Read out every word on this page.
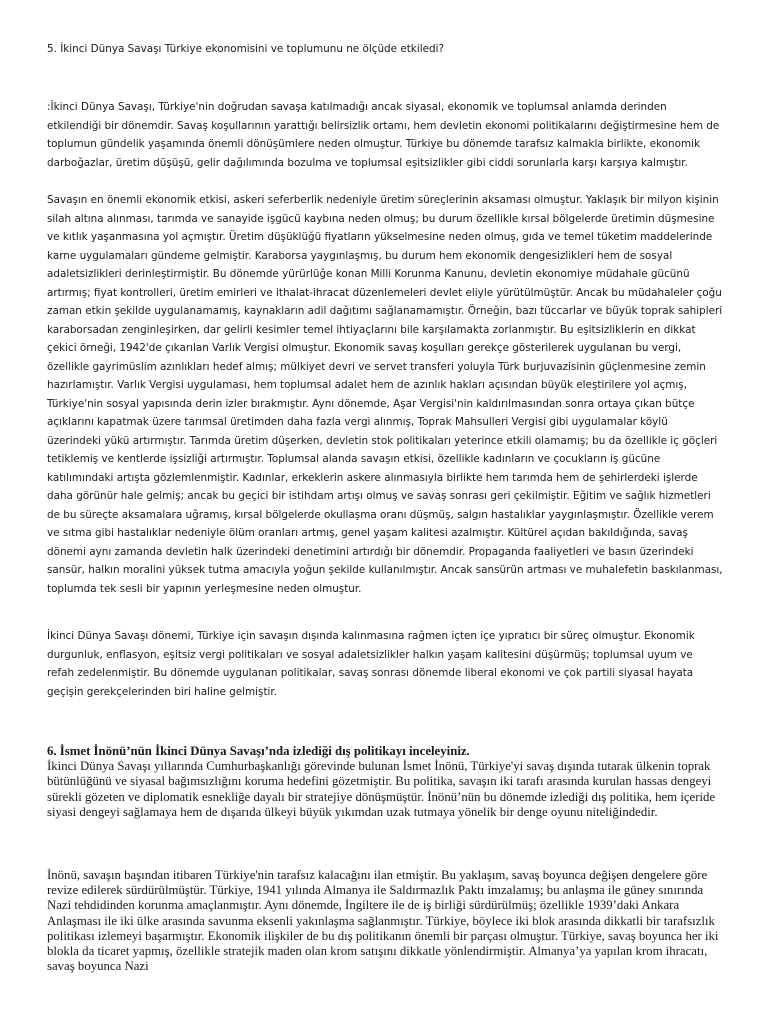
5. İkinci Dünya Savaşı Türkiye ekonomisini ve toplumunu ne ölçüde etkiledi?

:İkinci Dünya Savaşı, Türkiye'nin doğrudan savaşa katılmadığı ancak siyasal, ekonomik ve toplumsal anlamda derinden etkilendiği bir dönemdir. Savaş koşullarının yarattığı belirsizlik ortamı, hem devletin ekonomi politikalarını değiştirmesine hem de toplumun gündelik yaşamında önemli dönüşümlere neden olmuştur. Türkiye bu dönemde tarafsız kalmakla birlikte, ekonomik darboğazlar, üretim düşüşü, gelir dağılımında bozulma ve toplumsal eşitsizlikler gibi ciddi sorunlarla karşı karşıya kalmıştır.

Savaşın en önemli ekonomik etkisi, askeri seferberlik nedeniyle üretim süreçlerinin aksaması olmuştur. Yaklaşık bir milyon kişinin silah altına alınması, tarımda ve sanayide işgücü kaybına neden olmuş; bu durum özellikle kırsal bölgelerde üretimin düşmesine ve kıtlık yaşanmasına yol açmıştır. Üretim düşüklüğü fiyatların yükselmesine neden olmuş, gıda ve temel tüketim maddelerinde karne uygulamaları gündeme gelmiştir. Karaborsa yaygınlaşmış, bu durum hem ekonomik dengesizlikleri hem de sosyal adaletsizlikleri derinleştirmiştir. Bu dönemde yürürlüğe konan Milli Korunma Kanunu, devletin ekonomiye müdahale gücünü artırmış; fiyat kontrolleri, üretim emirleri ve ithalat-ihracat düzenlemeleri devlet eliyle yürütülmüştür. Ancak bu müdahaleler çoğu zaman etkin şekilde uygulanamamış, kaynakların adil dağıtımı sağlanamamıştır. Örneğin, bazı tüccarlar ve büyük toprak sahipleri karaborsadan zenginleşirken, dar gelirli kesimler temel ihtiyaçlarını bile karşılamakta zorlanmıştır. Bu eşitsizliklerin en dikkat çekici örneği, 1942'de çıkarılan Varlık Vergisi olmuştur. Ekonomik savaş koşulları gerekçe gösterilerek uygulanan bu vergi, özellikle gayrimüslim azınlıkları hedef almış; mülkiyet devri ve servet transferi yoluyla Türk burjuvazisinin güçlenmesine zemin hazırlamıştır. Varlık Vergisi uygulaması, hem toplumsal adalet hem de azınlık hakları açısından büyük eleştirilere yol açmış, Türkiye'nin sosyal yapısında derin izler bırakmıştır. Aynı dönemde, Aşar Vergisi'nin kaldırılmasından sonra ortaya çıkan bütçe açıklarını kapatmak üzere tarımsal üretimden daha fazla vergi alınmış, Toprak Mahsulleri Vergisi gibi uygulamalar köylü üzerindeki yükü artırmıştır. Tarımda üretim düşerken, devletin stok politikaları yeterince etkili olamamış; bu da özellikle iç göçleri tetiklemiş ve kentlerde işsizliği artırmıştır. Toplumsal alanda savaşın etkisi, özellikle kadınların ve çocukların iş gücüne katılımındaki artışta gözlemlenmiştir. Kadınlar, erkeklerin askere alınmasıyla birlikte hem tarımda hem de şehirlerdeki işlerde daha görünür hale gelmiş; ancak bu geçici bir istihdam artışı olmuş ve savaş sonrası geri çekilmiştir. Eğitim ve sağlık hizmetleri de bu süreçte aksamalara uğramış, kırsal bölgelerde okullaşma oranı düşmüş, salgın hastalıklar yaygınlaşmıştır. Özellikle verem ve sıtma gibi hastalıklar nedeniyle ölüm oranları artmış, genel yaşam kalitesi azalmıştır. Kültürel açıdan bakıldığında, savaş dönemi aynı zamanda devletin halk üzerindeki denetimini artırdığı bir dönemdir. Propaganda faaliyetleri ve basın üzerindeki sansür, halkın moralini yüksek tutma amacıyla yoğun şekilde kullanılmıştır. Ancak sansürün artması ve muhalefetin baskılanması, toplumda tek sesli bir yapının yerleşmesine neden olmuştur.

İkinci Dünya Savaşı dönemi, Türkiye için savaşın dışında kalınmasına rağmen içten içe yıpratıcı bir süreç olmuştur. Ekonomik durgunluk, enflasyon, eşitsiz vergi politikaları ve sosyal adaletsizlikler halkın yaşam kalitesini düşürmüş; toplumsal uyum ve refah zedelenmiştir. Bu dönemde uygulanan politikalar, savaş sonrası dönemde liberal ekonomi ve çok partili siyasal hayata geçişin gerekçelerinden biri haline gelmiştir.

6. İsmet İnönü’nün İkinci Dünya Savaşı’nda izlediği dış politikayı inceleyiniz.

İkinci Dünya Savaşı yıllarında Cumhurbaşkanlığı görevinde bulunan İsmet İnönü, Türkiye'yi savaş dışında tutarak ülkenin toprak bütünlüğünü ve siyasal bağımsızlığını koruma hedefini gözetmiştir. Bu politika, savaşın iki tarafı arasında kurulan hassas dengeyi sürekli gözeten ve diplomatik esnekliğe dayalı bir stratejiye dönüşmüştür. İnönü’nün bu dönemde izlediği dış politika, hem içeride siyasi dengeyi sağlamaya hem de dışarıda ülkeyi büyük yıkımdan uzak tutmaya yönelik bir denge oyunu niteliğindedir.

İnönü, savaşın başından itibaren Türkiye'nin tarafsız kalacağını ilan etmiştir. Bu yaklaşım, savaş boyunca değişen dengelere göre revize edilerek sürdürülmüştür. Türkiye, 1941 yılında Almanya ile Saldırmazlık Paktı imzalamış; bu anlaşma ile güney sınırında Nazi tehdidinden korunma amaçlanmıştır. Aynı dönemde, İngiltere ile de iş birliği sürdürülmüş; özellikle 1939’daki Ankara Anlaşması ile iki ülke arasında savunma eksenli yakınlaşma sağlanmıştır. Türkiye, böylece iki blok arasında dikkatli bir tarafsızlık politikası izlemeyi başarmıştır. Ekonomik ilişkiler de bu dış politikanın önemli bir parçası olmuştur. Türkiye, savaş boyunca her iki blokla da ticaret yapmış, özellikle stratejik maden olan krom satışını dikkatle yönlendirmiştir. Almanya’ya yapılan krom ihracatı, savaş boyunca Nazi
